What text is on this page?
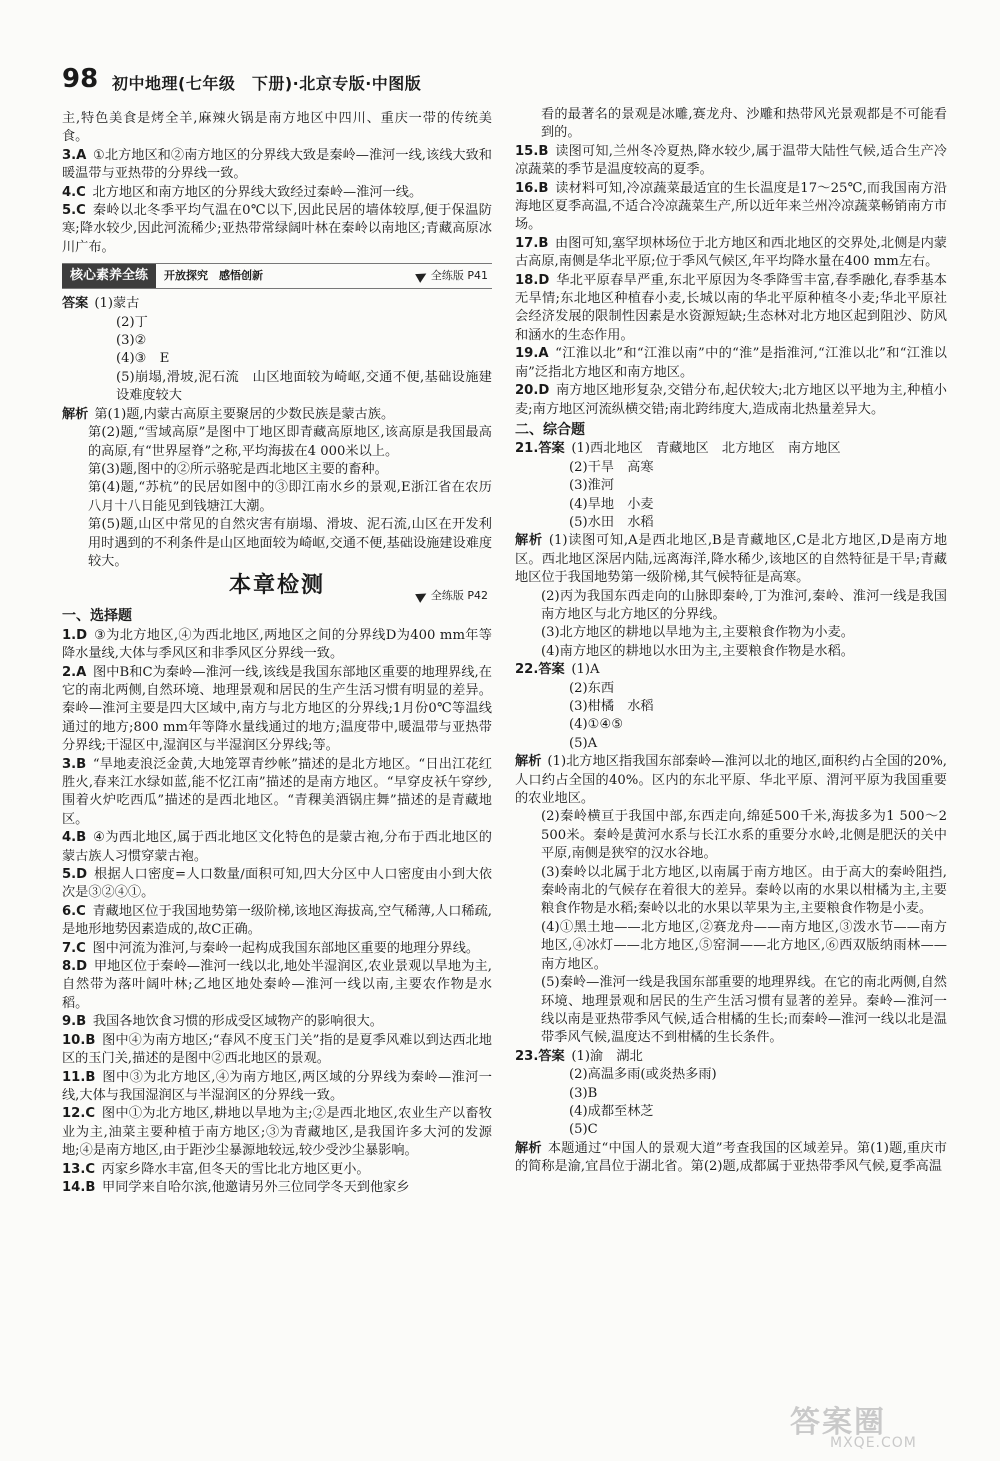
98 初中地理(七年级　下册)·北京专版·中图版

主,特色美食是烤全羊,麻辣火锅是南方地区中四川、重庆一带的传统美食。

3.A ①北方地区和②南方地区的分界线大致是秦岭—淮河一线,该线大致和暖温带与亚热带的分界线一致。

4.C 北方地区和南方地区的分界线大致经过秦岭—淮河一线。

5.C 秦岭以北冬季平均气温在0℃以下,因此民居的墙体较厚,便于保温防寒;降水较少,因此河流稀少;亚热带常绿阔叶林在秦岭以南地区;青藏高原冰川广布。

核心素养全练	开放探究　感悟创新	全练版 P41

答案 (1)蒙古

(2)丁

(3)②

(4)③　E

(5)崩塌,滑坡,泥石流　山区地面较为崎岖,交通不便,基础设施建设难度较大

解析 第(1)题,内蒙古高原主要聚居的少数民族是蒙古族。

第(2)题,“雪域高原”是图中丁地区即青藏高原地区,该高原是我国最高的高原,有“世界屋脊”之称,平均海拔在4 000米以上。

第(3)题,图中的②所示骆驼是西北地区主要的畜种。

第(4)题,“苏杭”的民居如图中的③即江南水乡的景观,E浙江省在农历八月十八日能见到钱塘江大潮。

第(5)题,山区中常见的自然灾害有崩塌、滑坡、泥石流,山区在开发利用时遇到的不利条件是山区地面较为崎岖,交通不便,基础设施建设难度较大。

本章检测	全练版 P42
一、选择题

1.D ③为北方地区,④为西北地区,两地区之间的分界线D为400 mm年等降水量线,大体与季风区和非季风区分界线一致。

2.A 图中B和C为秦岭—淮河一线,该线是我国东部地区重要的地理界线,在它的南北两侧,自然环境、地理景观和居民的生产生活习惯有明显的差异。秦岭—淮河主要是四大区域中,南方与北方地区的分界线;1月份0℃等温线通过的地方;800 mm年等降水量线通过的地方;温度带中,暖温带与亚热带分界线;干湿区中,湿润区与半湿润区分界线;等。

3.B “旱地麦浪泛金黄,大地笼罩青纱帐”描述的是北方地区。“日出江花红胜火,春来江水绿如蓝,能不忆江南”描述的是南方地区。“早穿皮袄午穿纱,围着火炉吃西瓜”描述的是西北地区。“青稞美酒锅庄舞”描述的是青藏地区。

4.B ④为西北地区,属于西北地区文化特色的是蒙古袍,分布于西北地区的蒙古族人习惯穿蒙古袍。

5.D 根据人口密度=人口数量/面积可知,四大分区中人口密度由小到大依次是③②④①。

6.C 青藏地区位于我国地势第一级阶梯,该地区海拔高,空气稀薄,人口稀疏,是地形地势因素造成的,故C正确。

7.C 图中河流为淮河,与秦岭一起构成我国东部地区重要的地理分界线。

8.D 甲地区位于秦岭—淮河一线以北,地处半湿润区,农业景观以旱地为主,自然带为落叶阔叶林;乙地区地处秦岭—淮河一线以南,主要农作物是水稻。

9.B 我国各地饮食习惯的形成受区域物产的影响很大。

10.B 图中④为南方地区;“春风不度玉门关”指的是夏季风难以到达西北地区的玉门关,描述的是图中②西北地区的景观。

11.B 图中③为北方地区,④为南方地区,两区域的分界线为秦岭—淮河一线,大体与我国湿润区与半湿润区的分界线一致。

12.C 图中①为北方地区,耕地以旱地为主;②是西北地区,农业生产以畜牧业为主,油菜主要种植于南方地区;③为青藏地区,是我国许多大河的发源地;④是南方地区,由于距沙尘暴源地较远,较少受沙尘暴影响。

13.C 丙家乡降水丰富,但冬天的雪比北方地区更小。

14.B 甲同学来自哈尔滨,他邀请另外三位同学冬天到他家乡

看的最著名的景观是冰雕,赛龙舟、沙雕和热带风光景观都是不可能看到的。

15.B 读图可知,兰州冬冷夏热,降水较少,属于温带大陆性气候,适合生产冷凉蔬菜的季节是温度较高的夏季。

16.B 读材料可知,冷凉蔬菜最适宜的生长温度是17～25℃,而我国南方沿海地区夏季高温,不适合冷凉蔬菜生产,所以近年来兰州冷凉蔬菜畅销南方市场。

17.B 由图可知,塞罕坝林场位于北方地区和西北地区的交界处,北侧是内蒙古高原,南侧是华北平原;位于季风气候区,年平均降水量在400 mm左右。

18.D 华北平原春旱严重,东北平原因为冬季降雪丰富,春季融化,春季基本无旱情;东北地区种植春小麦,长城以南的华北平原种植冬小麦;华北平原社会经济发展的限制性因素是水资源短缺;生态林对北方地区起到阻沙、防风和涵水的生态作用。

19.A “江淮以北”和“江淮以南”中的“淮”是指淮河,“江淮以北”和“江淮以南”泛指北方地区和南方地区。

20.D 南方地区地形复杂,交错分布,起伏较大;北方地区以平地为主,种植小麦;南方地区河流纵横交错;南北跨纬度大,造成南北热量差异大。

二、综合题

21.答案 (1)西北地区　青藏地区　北方地区　南方地区

(2)干旱　高寒

(3)淮河

(4)旱地　小麦

(5)水田　水稻

解析 (1)读图可知,A是西北地区,B是青藏地区,C是北方地区,D是南方地区。西北地区深居内陆,远离海洋,降水稀少,该地区的自然特征是干旱;青藏地区位于我国地势第一级阶梯,其气候特征是高寒。

(2)丙为我国东西走向的山脉即秦岭,丁为淮河,秦岭、淮河一线是我国南方地区与北方地区的分界线。

(3)北方地区的耕地以旱地为主,主要粮食作物为小麦。

(4)南方地区的耕地以水田为主,主要粮食作物是水稻。

22.答案 (1)A

(2)东西

(3)柑橘　水稻

(4)①④⑤

(5)A

解析 (1)北方地区指我国东部秦岭—淮河以北的地区,面积约占全国的20%,人口约占全国的40%。区内的东北平原、华北平原、渭河平原为我国重要的农业地区。

(2)秦岭横亘于我国中部,东西走向,绵延500千米,海拔多为1 500～2 500米。秦岭是黄河水系与长江水系的重要分水岭,北侧是肥沃的关中平原,南侧是狭窄的汉水谷地。

(3)秦岭以北属于北方地区,以南属于南方地区。由于高大的秦岭阻挡,秦岭南北的气候存在着很大的差异。秦岭以南的水果以柑橘为主,主要粮食作物是水稻;秦岭以北的水果以苹果为主,主要粮食作物是小麦。

(4)①黑土地——北方地区,②赛龙舟——南方地区,③泼水节——南方地区,④冰灯——北方地区,⑤窑洞——北方地区,⑥西双版纳雨林——南方地区。

(5)秦岭—淮河一线是我国东部重要的地理界线。在它的南北两侧,自然环境、地理景观和居民的生产生活习惯有显著的差异。秦岭—淮河一线以南是亚热带季风气候,适合柑橘的生长;而秦岭—淮河一线以北是温带季风气候,温度达不到柑橘的生长条件。

23.答案 (1)渝　湖北

(2)高温多雨(或炎热多雨)

(3)B

(4)成都至林芝

(5)C

解析 本题通过“中国人的景观大道”考查我国的区域差异。第(1)题,重庆市的简称是渝,宜昌位于湖北省。第(2)题,成都属于亚热带季风气候,夏季高温

答案圈
MXQE.COM
